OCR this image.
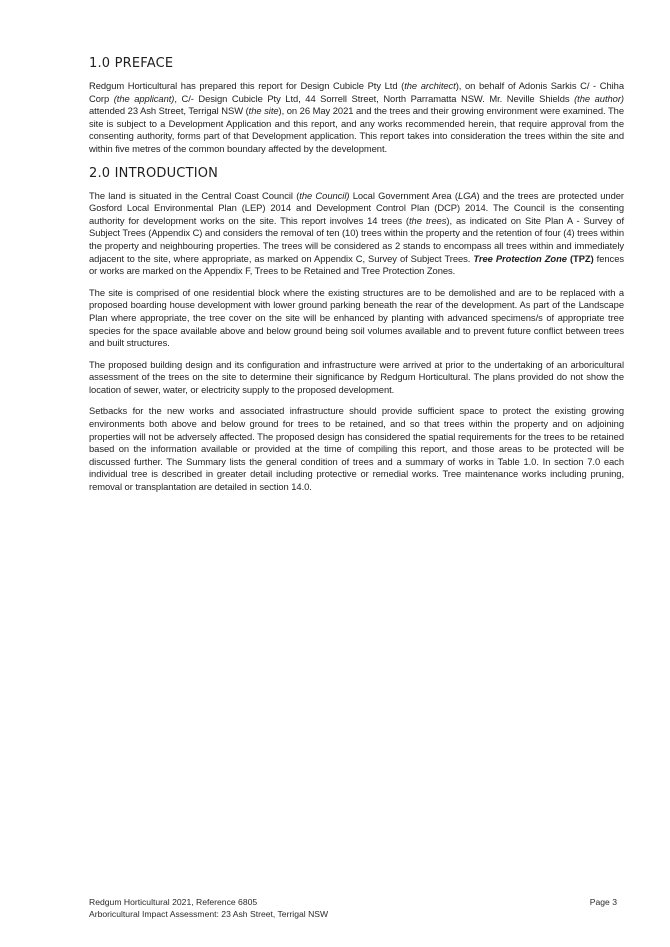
1.0 PREFACE

Redgum Horticultural has prepared this report for Design Cubicle Pty Ltd (the architect), on behalf of Adonis Sarkis C/ - Chiha Corp (the applicant), C/- Design Cubicle Pty Ltd, 44 Sorrell Street, North Parramatta NSW. Mr. Neville Shields (the author) attended 23 Ash Street, Terrigal NSW (the site), on 26 May 2021 and the trees and their growing environment were examined. The site is subject to a Development Application and this report, and any works recommended herein, that require approval from the consenting authority, forms part of that Development application. This report takes into consideration the trees within the site and within five metres of the common boundary affected by the development.

2.0 INTRODUCTION

The land is situated in the Central Coast Council (the Council) Local Government Area (LGA) and the trees are protected under Gosford Local Environmental Plan (LEP) 2014 and Development Control Plan (DCP) 2014. The Council is the consenting authority for development works on the site. This report involves 14 trees (the trees), as indicated on Site Plan A - Survey of Subject Trees (Appendix C) and considers the removal of ten (10) trees within the property and the retention of four (4) trees within the property and neighbouring properties. The trees will be considered as 2 stands to encompass all trees within and immediately adjacent to the site, where appropriate, as marked on Appendix C, Survey of Subject Trees. Tree Protection Zone (TPZ) fences or works are marked on the Appendix F, Trees to be Retained and Tree Protection Zones.

The site is comprised of one residential block where the existing structures are to be demolished and are to be replaced with a proposed boarding house development with lower ground parking beneath the rear of the development. As part of the Landscape Plan where appropriate, the tree cover on the site will be enhanced by planting with advanced specimens/s of appropriate tree species for the space available above and below ground being soil volumes available and to prevent future conflict between trees and built structures.

The proposed building design and its configuration and infrastructure were arrived at prior to the undertaking of an arboricultural assessment of the trees on the site to determine their significance by Redgum Horticultural. The plans provided do not show the location of sewer, water, or electricity supply to the proposed development.

Setbacks for the new works and associated infrastructure should provide sufficient space to protect the existing growing environments both above and below ground for trees to be retained, and so that trees within the property and on adjoining properties will not be adversely affected. The proposed design has considered the spatial requirements for the trees to be retained based on the information available or provided at the time of compiling this report, and those areas to be protected will be discussed further. The Summary lists the general condition of trees and a summary of works in Table 1.0. In section 7.0 each individual tree is described in greater detail including protective or remedial works. Tree maintenance works including pruning, removal or transplantation are detailed in section 14.0.

Redgum Horticultural 2021, Reference 6805	Page 3
Arboricultural Impact Assessment: 23 Ash Street, Terrigal NSW
